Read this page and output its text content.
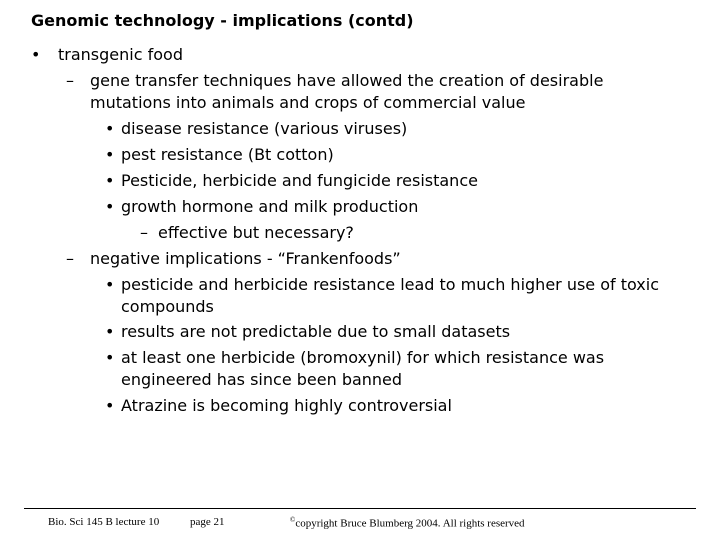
Genomic technology - implications (contd)
• transgenic food
– gene transfer techniques have allowed the creation of desirable
mutations into animals and crops of commercial value
• disease resistance (various viruses)
• pest resistance (Bt cotton)
• Pesticide, herbicide and fungicide resistance
• growth hormone and milk production
– effective but necessary?
– negative implications - “Frankenfoods”
• pesticide and herbicide resistance lead to much higher use of toxic
compounds
• results are not predictable due to small datasets
• at least one herbicide (bromoxynil) for which resistance was
engineered has since been banned
• Atrazine is becoming highly controversial
Bio. Sci 145 B lecture 10	page 21	©copyright Bruce Blumberg 2004. All rights reserved
